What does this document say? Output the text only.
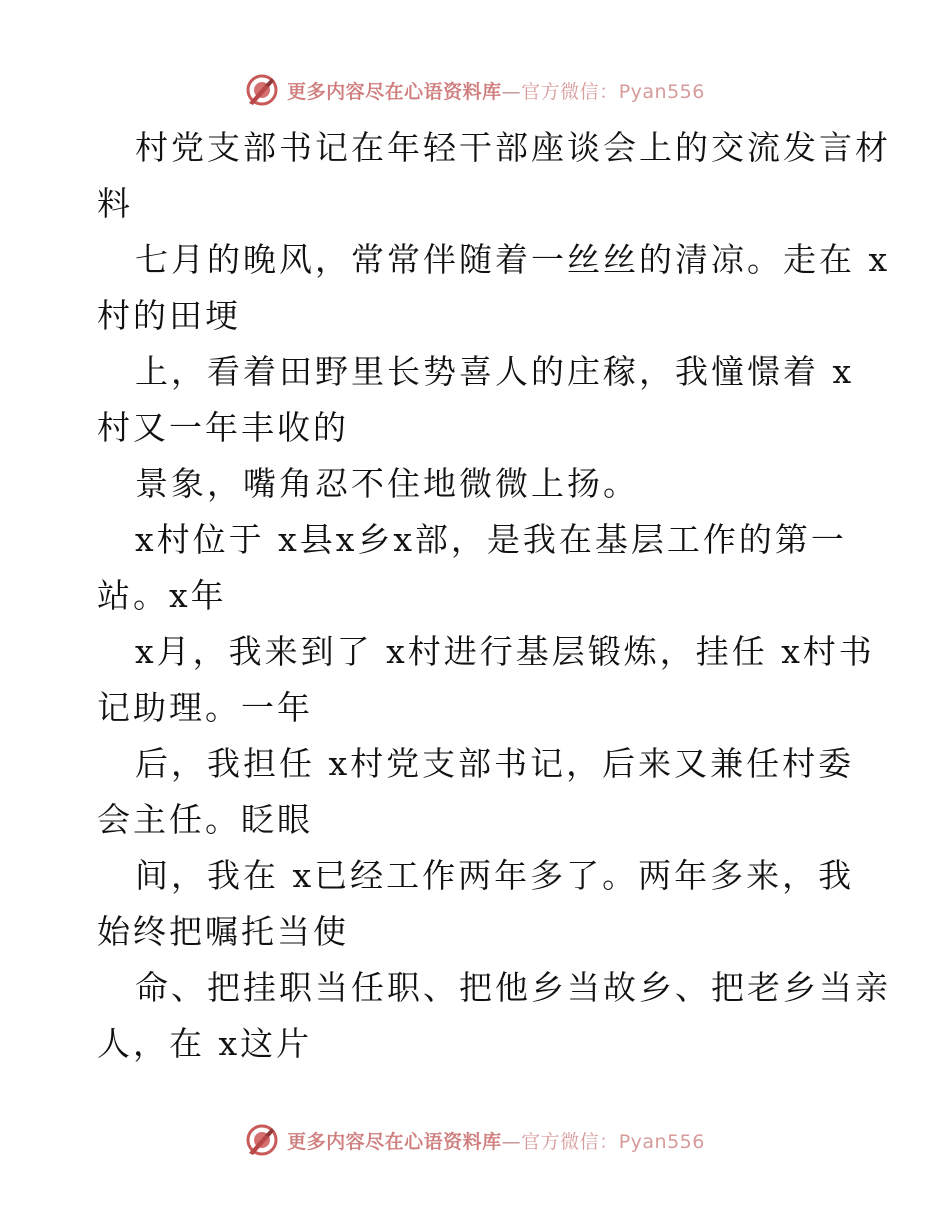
更多内容尽在心语资料库—官方微信：Pyan556

村党支部书记在年轻干部座谈会上的交流发言材
料
七月的晚风，常常伴随着一丝丝的清凉。走在 x
村的田埂
上，看着田野里长势喜人的庄稼，我憧憬着 x
村又一年丰收的
景象，嘴角忍不住地微微上扬。
x村位于 x县x乡x部，是我在基层工作的第一
站。x年
x月，我来到了 x村进行基层锻炼，挂任 x村书
记助理。一年
后，我担任 x村党支部书记，后来又兼任村委
会主任。眨眼
间，我在 x已经工作两年多了。两年多来，我
始终把嘱托当使
命、把挂职当任职、把他乡当故乡、把老乡当亲
人，在 x这片

更多内容尽在心语资料库—官方微信：Pyan556
